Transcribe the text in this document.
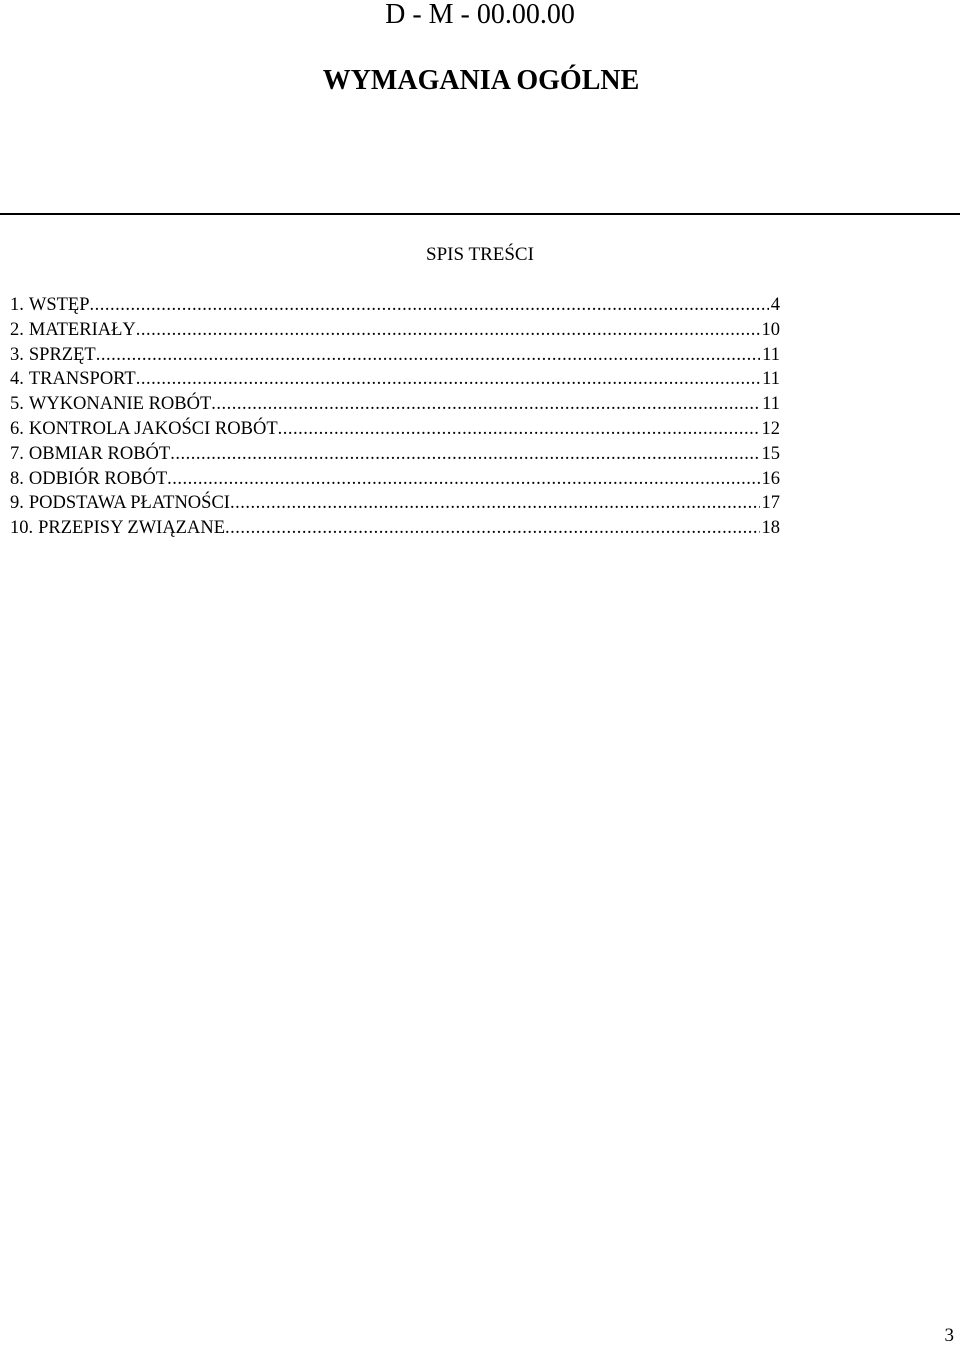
D - M - 00.00.00
WYMAGANIA OGÓLNE
SPIS TREŚCI
1. WSTĘP .....	4
2. MATERIAŁY .....	10
3. SPRZĘT .....	11
4. TRANSPORT .....	11
5. WYKONANIE ROBÓT .....	11
6. KONTROLA JAKOŚCI ROBÓT .....	12
7. OBMIAR ROBÓT .....	15
8. ODBIÓR ROBÓT .....	16
9. PODSTAWA PŁATNOŚCI .....	17
10. PRZEPISY ZWIĄZANE .....	18
3
